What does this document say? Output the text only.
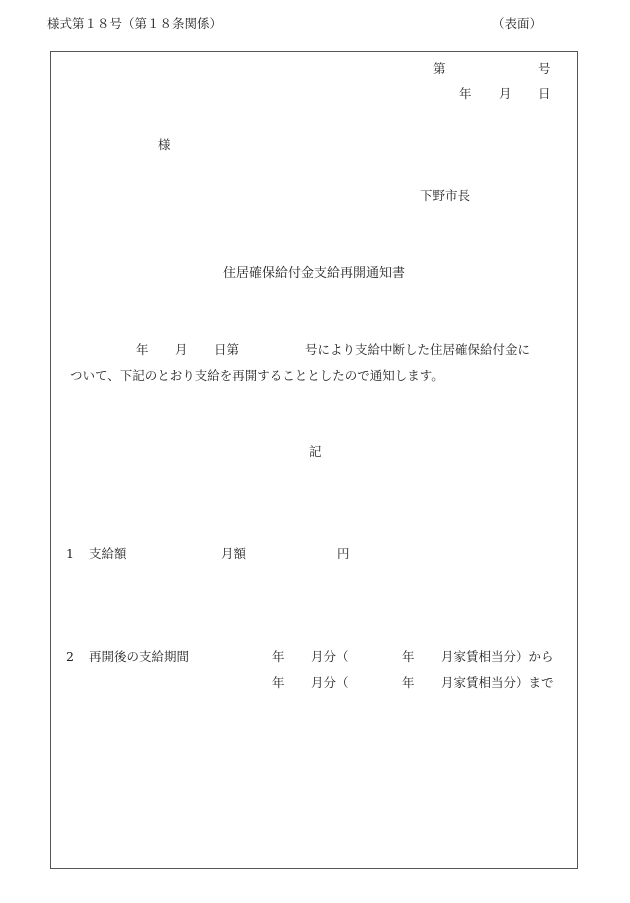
様式第１８号（第１８条関係）	（表面）
第	号
年 月 日
様
下野市長
住居確保給付金支給再開通知書
年 月 日第	号により支給中断した住居確保給付金に
ついて、下記のとおり支給を再開することとしたので通知します。
記
1 支給額	月額	円
2 再開後の支給期間	年 月分（	年 月家賃相当分）から
年 月分（	年 月家賃相当分）まで
